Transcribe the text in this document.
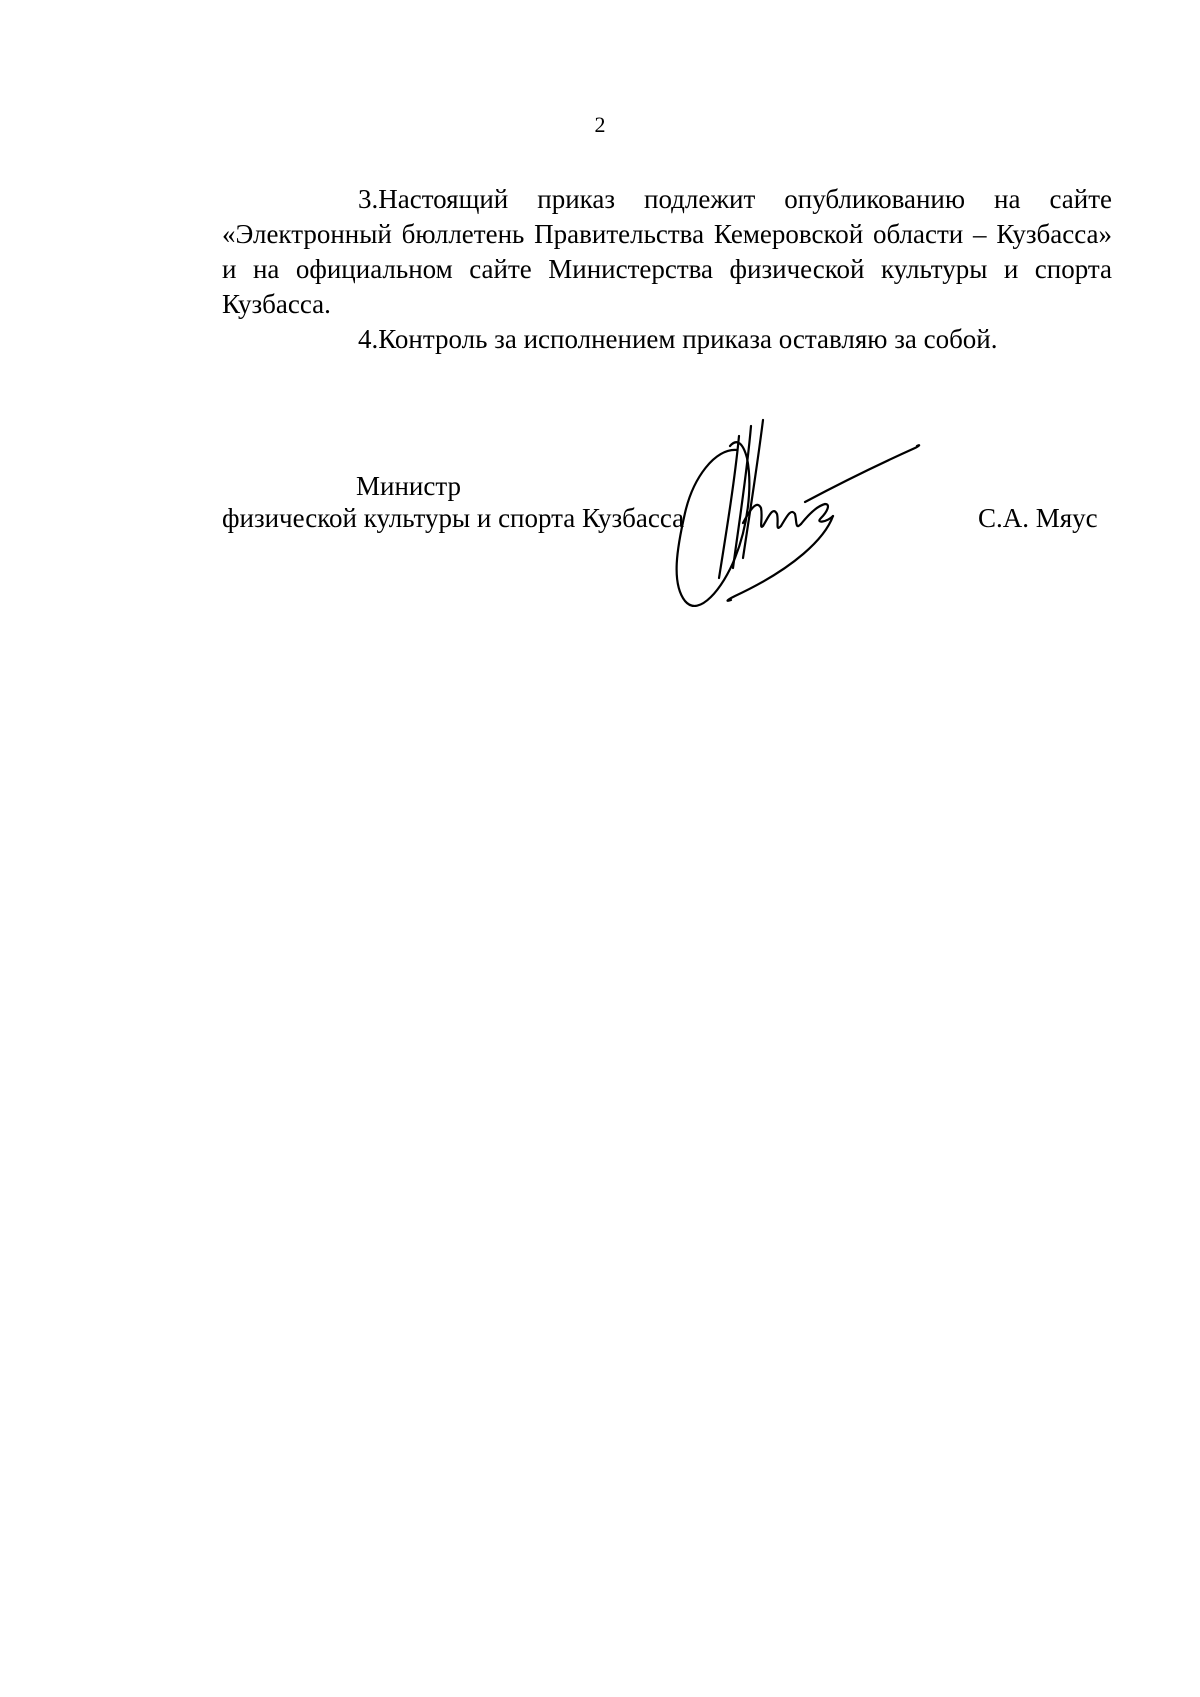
2

3.Настоящий приказ подлежит опубликованию на сайте «Электронный бюллетень Правительства Кемеровской области – Кузбасса» и на официальном сайте Министерства физической культуры и спорта Кузбасса.

4.Контроль за исполнением приказа оставляю за собой.

Министр
физической культуры и спорта Кузбасса	С.А. Мяус
